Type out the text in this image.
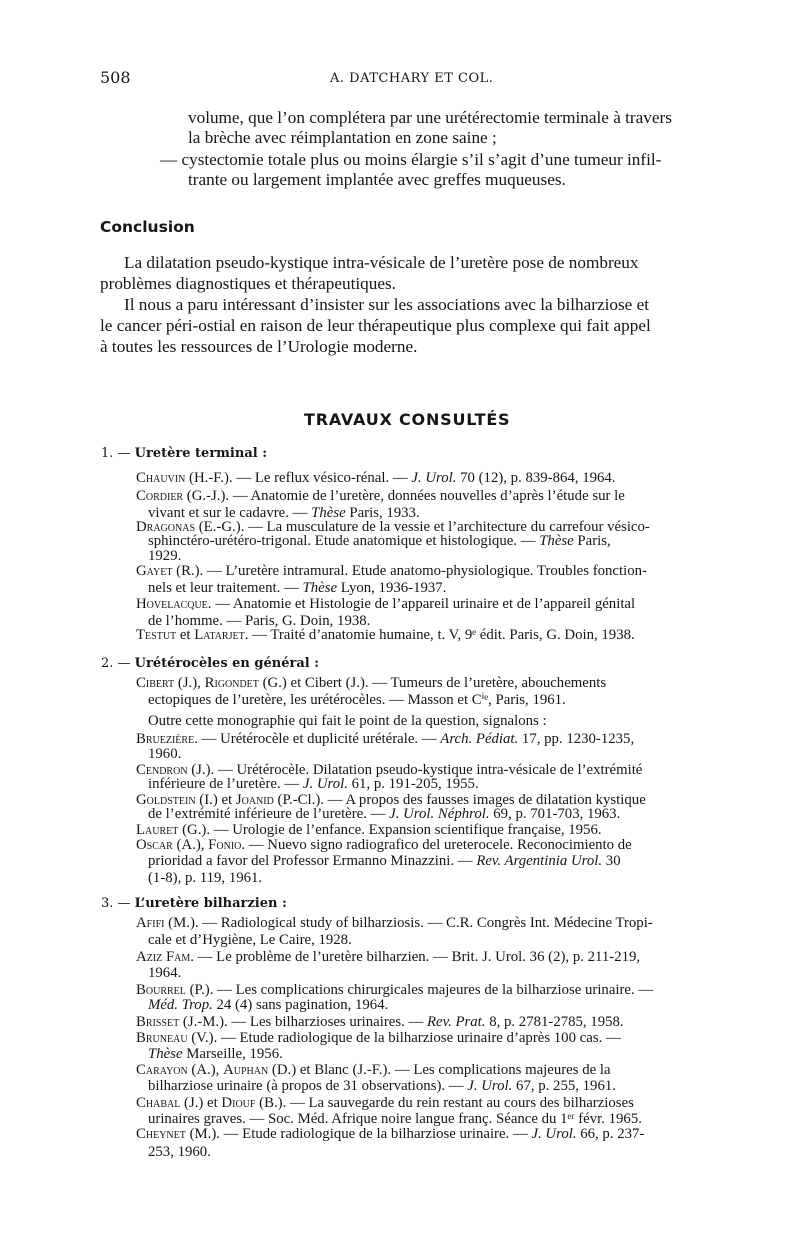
508	A. DATCHARY ET COL.

volume, que l’on complétera par une urétérectomie terminale à travers

la brèche avec réimplantation en zone saine ;

— cystectomie totale plus ou moins élargie s’il s’agit d’une tumeur infil-

trante ou largement implantée avec greffes muqueuses.

Conclusion

La dilatation pseudo-kystique intra-vésicale de l’uretère pose de nombreux

problèmes diagnostiques et thérapeutiques.

Il nous a paru intéressant d’insister sur les associations avec la bilharziose et

le cancer péri-ostial en raison de leur thérapeutique plus complexe qui fait appel

à toutes les ressources de l’Urologie moderne.

TRAVAUX CONSULTÉS
1. — Uretère terminal :

Chauvin (H.-F.). — Le reflux vésico-rénal. — J. Urol. 70 (12), p. 839-864, 1964.

Cordier (G.-J.). — Anatomie de l’uretère, données nouvelles d’après l’étude sur le

vivant et sur le cadavre. — Thèse Paris, 1933.

Dragonas (E.-G.). — La musculature de la vessie et l’architecture du carrefour vésico-

sphinctéro-urétéro-trigonal. Etude anatomique et histologique. — Thèse Paris,

1929.

Gayet (R.). — L’uretère intramural. Etude anatomo-physiologique. Troubles fonction-

nels et leur traitement. — Thèse Lyon, 1936-1937.

Hovelacque. — Anatomie et Histologie de l’appareil urinaire et de l’appareil génital

de l’homme. — Paris, G. Doin, 1938.

Testut et Latarjet. — Traité d’anatomie humaine, t. V, 9ᵉ édit. Paris, G. Doin, 1938.

2. — Urétérocèles en général :

Cibert (J.), Rigondet (G.) et Cibert (J.). — Tumeurs de l’uretère, abouchements

ectopiques de l’uretère, les urétérocèles. — Masson et Cⁱᵉ, Paris, 1961.

Outre cette monographie qui fait le point de la question, signalons :

Bruezière. — Urétérocèle et duplicité urétérale. — Arch. Pédiat. 17, pp. 1230-1235,

1960.

Cendron (J.). — Urétérocèle. Dilatation pseudo-kystique intra-vésicale de l’extrémité

inférieure de l’uretère. — J. Urol. 61, p. 191-205, 1955.

Goldstein (I.) et Joanid (P.-Cl.). — A propos des fausses images de dilatation kystique

de l’extrémité inférieure de l’uretère. — J. Urol. Néphrol. 69, p. 701-703, 1963.

Lauret (G.). — Urologie de l’enfance. Expansion scientifique française, 1956.

Oscar (A.), Fonio. — Nuevo signo radiografico del ureterocele. Reconocimiento de

prioridad a favor del Professor Ermanno Minazzini. — Rev. Argentinia Urol. 30

(1-8), p. 119, 1961.

3. — L’uretère bilharzien :

Afifi (M.). — Radiological study of bilharziosis. — C.R. Congrès Int. Médecine Tropi-

cale et d’Hygiène, Le Caire, 1928.

Aziz Fam. — Le problème de l’uretère bilharzien. — Brit. J. Urol. 36 (2), p. 211-219,

1964.

Bourrel (P.). — Les complications chirurgicales majeures de la bilharziose urinaire. —

Méd. Trop. 24 (4) sans pagination, 1964.

Brisset (J.-M.). — Les bilharzioses urinaires. — Rev. Prat. 8, p. 2781-2785, 1958.

Bruneau (V.). — Etude radiologique de la bilharziose urinaire d’après 100 cas. —

Thèse Marseille, 1956.

Carayon (A.), Auphan (D.) et Blanc (J.-F.). — Les complications majeures de la

bilharziose urinaire (à propos de 31 observations). — J. Urol. 67, p. 255, 1961.

Chabal (J.) et Diouf (B.). — La sauvegarde du rein restant au cours des bilharzioses

urinaires graves. — Soc. Méd. Afrique noire langue franç. Séance du 1ᵉʳ févr. 1965.

Cheynet (M.). — Etude radiologique de la bilharziose urinaire. — J. Urol. 66, p. 237-

253, 1960.
